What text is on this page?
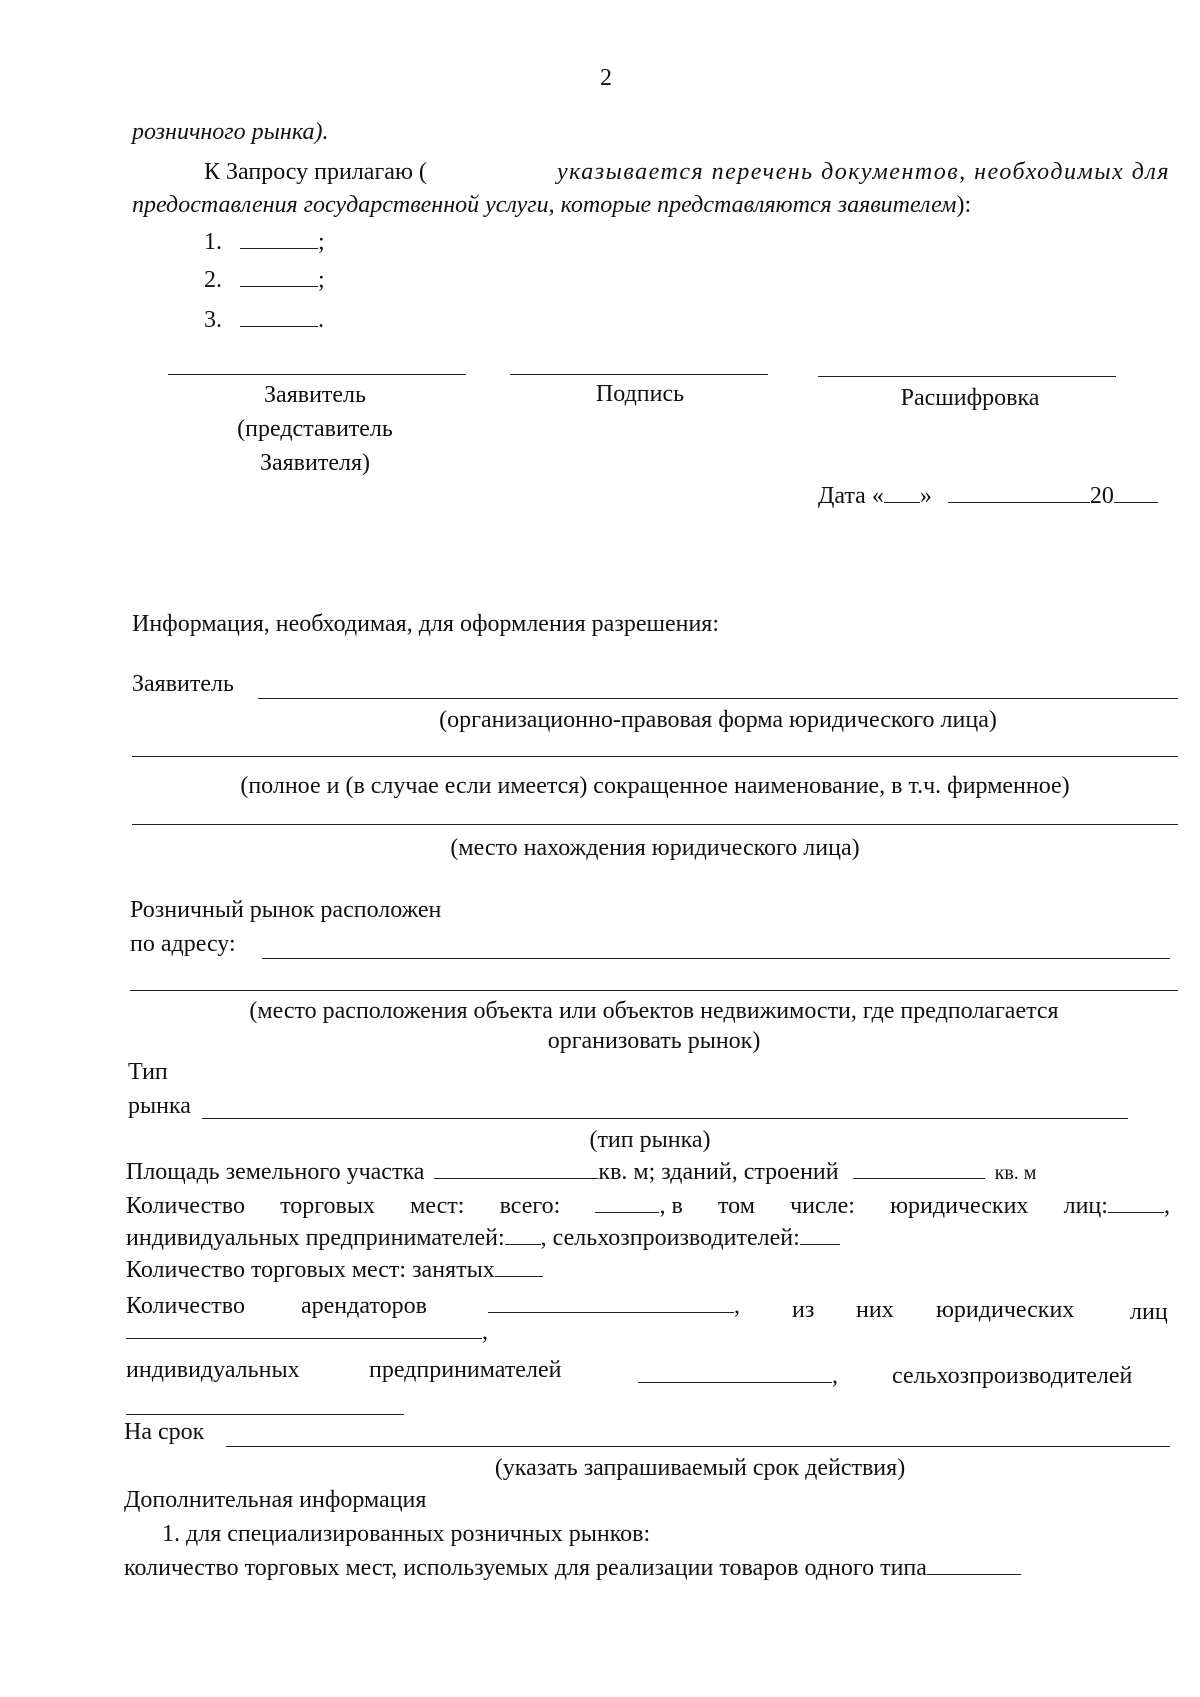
2
розничного рынка).
К Запросу прилагаю (	указывается перечень документов, необходимых для
предоставления государственной услуги, которые представляются заявителем):
1.	;
2.	;
3.	.
Заявитель
(представитель
Заявителя)
Подпись	Расшифровка
Дата « »	20
Информация, необходимая, для оформления разрешения:
Заявитель
(организационно-правовая форма юридического лица)
(полное и (в случае если имеется) сокращенное наименование, в т.ч. фирменное)
(место нахождения юридического лица)
Розничный рынок расположен
по адресу:
(место расположения объекта или объектов недвижимости, где предполагается
организовать рынок)
Тип
рынка
(тип рынка)
Площадь земельного участка	кв. м; зданий, строений	кв. м
Количество торговых мест: всего:	, в том числе: юридических лиц: ,
индивидуальных предпринимателей: , сельхозпроизводителей:
Количество торговых мест: занятых
Количество арендаторов	, из них юридических лиц
,
индивидуальных	предпринимателей	, сельхозпроизводителей
На срок
(указать запрашиваемый срок действия)
Дополнительная информация
1. для специализированных розничных рынков:
количество торговых мест, используемых для реализации товаров одного типа
